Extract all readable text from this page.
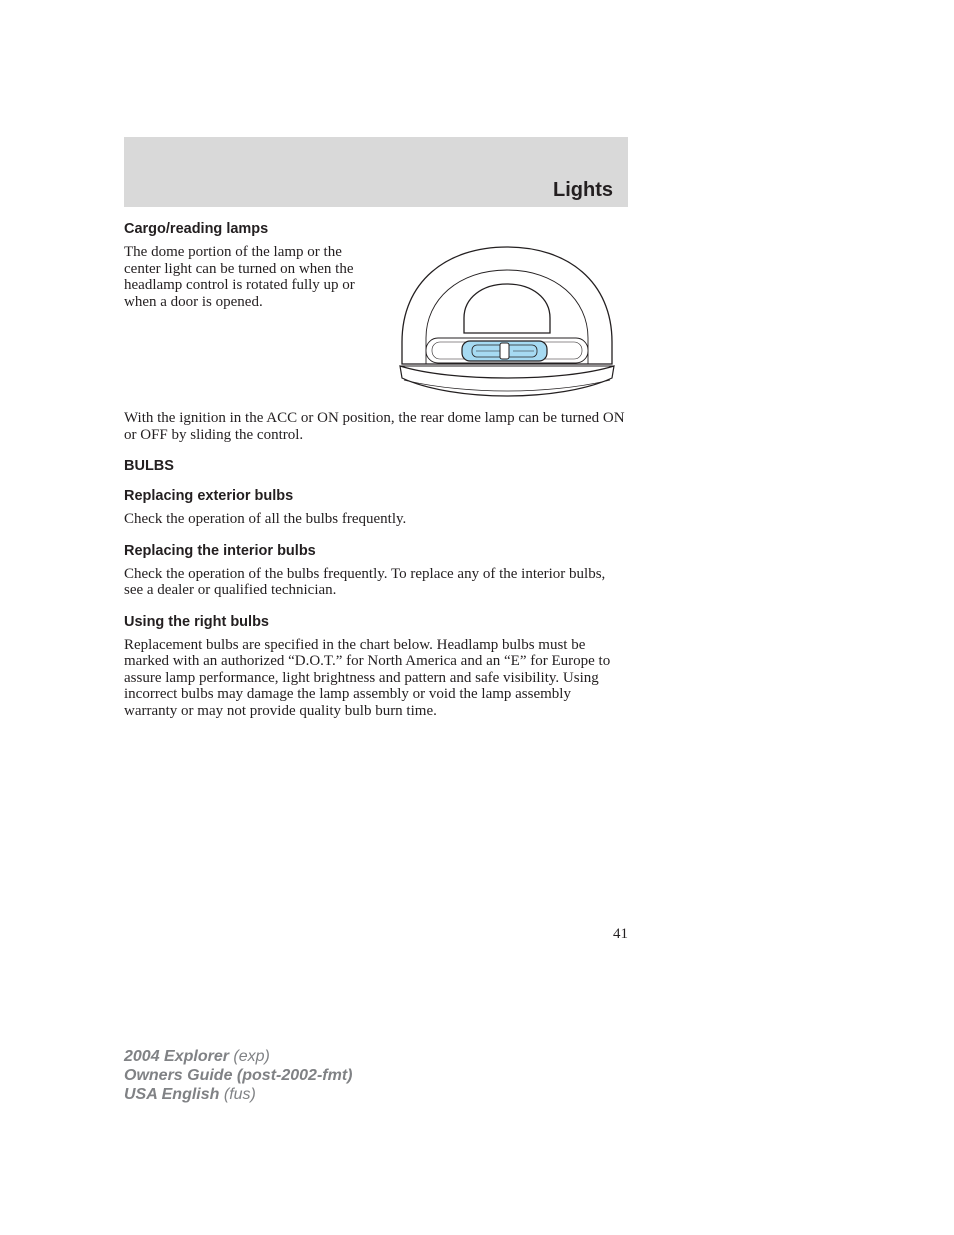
Lights
Cargo/reading lamps

The dome portion of the lamp or the center light can be turned on when the headlamp control is rotated fully up or when a door is opened.

With the ignition in the ACC or ON position, the rear dome lamp can be turned ON or OFF by sliding the control.

BULBS
Replacing exterior bulbs

Check the operation of all the bulbs frequently.

Replacing the interior bulbs

Check the operation of the bulbs frequently. To replace any of the interior bulbs, see a dealer or qualified technician.

Using the right bulbs

Replacement bulbs are specified in the chart below. Headlamp bulbs must be marked with an authorized “D.O.T.” for North America and an “E” for Europe to assure lamp performance, light brightness and pattern and safe visibility. Using incorrect bulbs may damage the lamp assembly or void the lamp assembly warranty or may not provide quality bulb burn time.

41
2004 Explorer (exp)
Owners Guide (post-2002-fmt)
USA English (fus)
